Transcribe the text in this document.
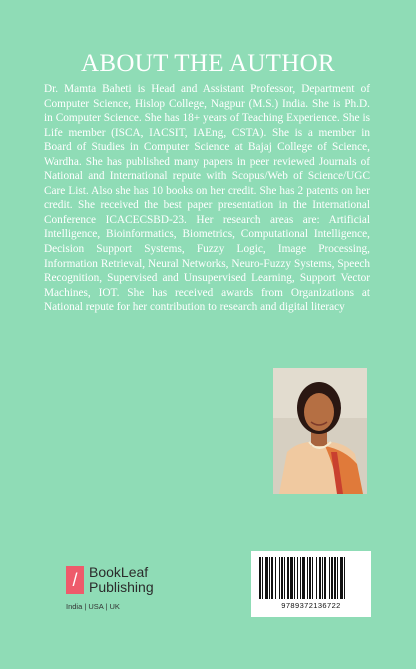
ABOUT THE AUTHOR

Dr. Mamta Baheti is Head and Assistant Professor, Department of Computer Science, Hislop College, Nagpur (M.S.) India. She is Ph.D. in Computer Science. She has 18+ years of Teaching Experience. She is Life member (ISCA, IACSIT, IAEng, CSTA). She is a member in Board of Studies in Computer Science at Bajaj College of Science, Wardha. She has published many papers in peer reviewed Journals of National and International repute with Scopus/Web of Science/UGC Care List. Also she has 10 books on her credit. She has 2 patents on her credit. She received the best paper presentation in the International Conference ICACECSBD-23. Her research areas are: Artificial Intelligence, Bioinformatics, Biometrics, Computational Intelligence, Decision Support Systems, Fuzzy Logic, Image Processing, Information Retrieval, Neural Networks, Neuro-Fuzzy Systems, Speech Recognition, Supervised and Unsupervised Learning, Support Vector Machines, IOT. She has received awards from Organizations at National repute for her contribution to research and digital literacy

/ BookLeaf
Publishing
India | USA | UK	9789372136722
